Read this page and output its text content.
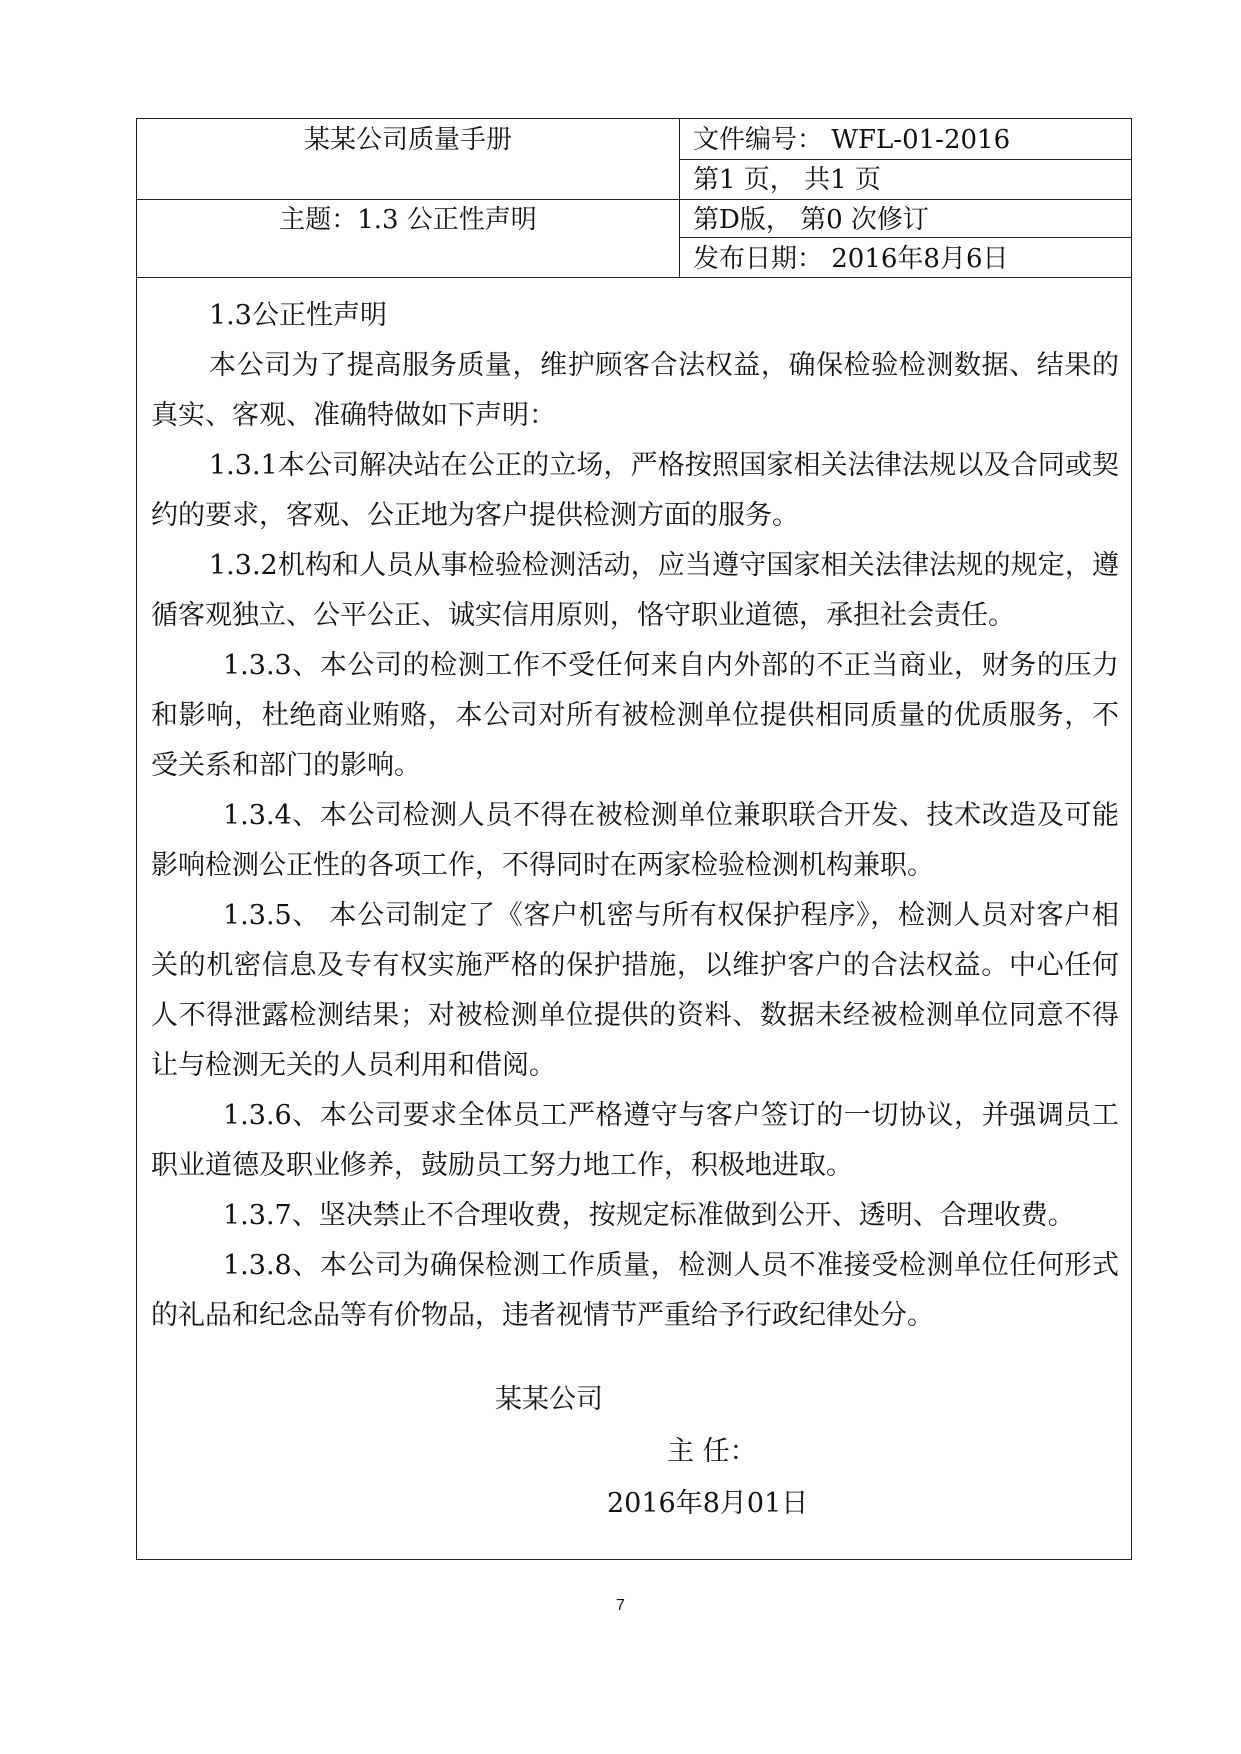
某某公司质量手册	文件编号： WFL-01-2016
第1 页， 共1 页
主题：1.3 公正性声明	第D版， 第0 次修订
发布日期： 2016年8月6日

1.3公正性声明

本公司为了提高服务质量，维护顾客合法权益，确保检验检测数据、结果的真实、客观、准确特做如下声明：

1.3.1本公司解决站在公正的立场，严格按照国家相关法律法规以及合同或契约的要求，客观、公正地为客户提供检测方面的服务。

1.3.2机构和人员从事检验检测活动，应当遵守国家相关法律法规的规定，遵循客观独立、公平公正、诚实信用原则，恪守职业道德，承担社会责任。

1.3.3、本公司的检测工作不受任何来自内外部的不正当商业，财务的压力和影响，杜绝商业贿赂，本公司对所有被检测单位提供相同质量的优质服务，不受关系和部门的影响。

1.3.4、本公司检测人员不得在被检测单位兼职联合开发、技术改造及可能影响检测公正性的各项工作，不得同时在两家检验检测机构兼职。

1.3.5、 本公司制定了《客户机密与所有权保护程序》，检测人员对客户相关的机密信息及专有权实施严格的保护措施，以维护客户的合法权益。中心任何人不得泄露检测结果；对被检测单位提供的资料、数据未经被检测单位同意不得让与检测无关的人员利用和借阅。

1.3.6、本公司要求全体员工严格遵守与客户签订的一切协议，并强调员工职业道德及职业修养，鼓励员工努力地工作，积极地进取。

1.3.7、坚决禁止不合理收费，按规定标准做到公开、透明、合理收费。

1.3.8、本公司为确保检测工作质量，检测人员不准接受检测单位任何形式的礼品和纪念品等有价物品，违者视情节严重给予行政纪律处分。

某某公司
主 任：
2016年8月01日
7
